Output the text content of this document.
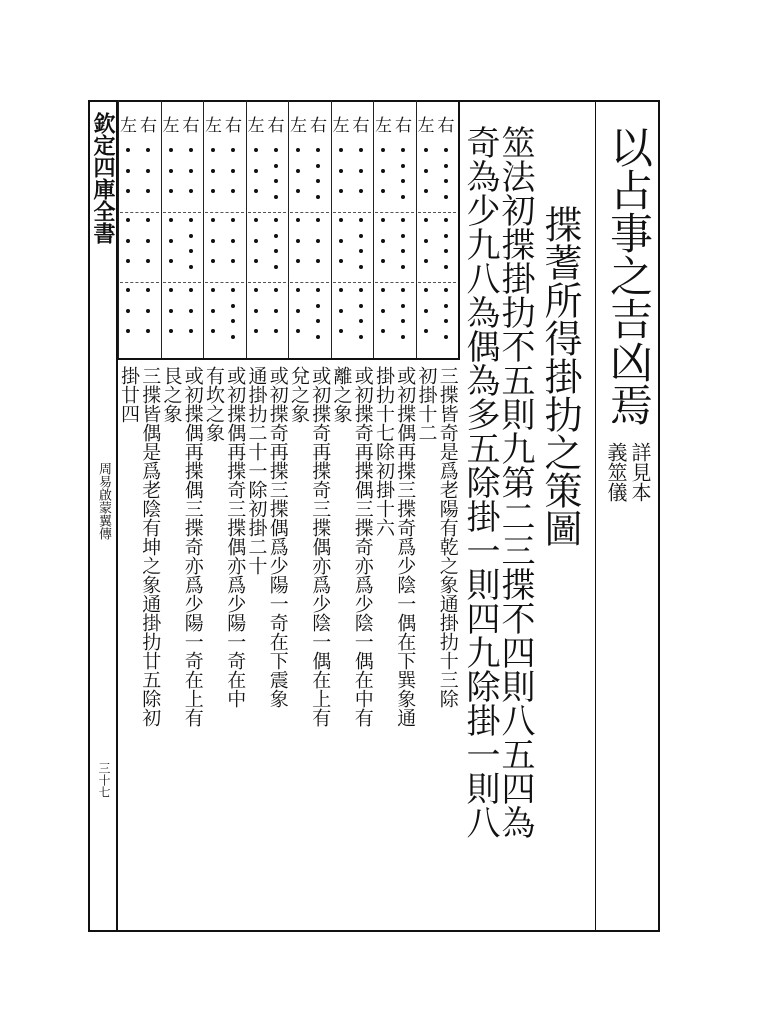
欽定四庫全書
周易啟蒙翼傳
三十七
以占事之吉凶焉
詳見本
義筮儀
揲蓍所得掛扐之策圖
筮法初揲掛扐不五則九第二三揲不四則八五四為
奇為少九八為偶為多五除掛一則四九除掛一則八
左 右
左 右
左 右
左 右
左 右
左 右
左 右
左 右
三揲皆奇是爲老陽有乾之象通掛扐十三除
初掛十二
或初揲偶再揲三揲奇爲少陰一偶在下巽象通
掛扐十七除初掛十六
或初揲奇再揲偶三揲奇亦爲少陰一偶在中有
離之象
或初揲奇再揲奇三揲偶亦爲少陰一偶在上有
兌之象
或初揲奇再揲三揲偶爲少陽一奇在下震象
通掛扐二十一除初掛二十
或初揲偶再揲奇三揲偶亦爲少陽一奇在中
有坎之象
或初揲偶再揲偶三揲奇亦爲少陽一奇在上有
艮之象
三揲皆偶是爲老陰有坤之象通掛扐廿五除初
掛廿四
